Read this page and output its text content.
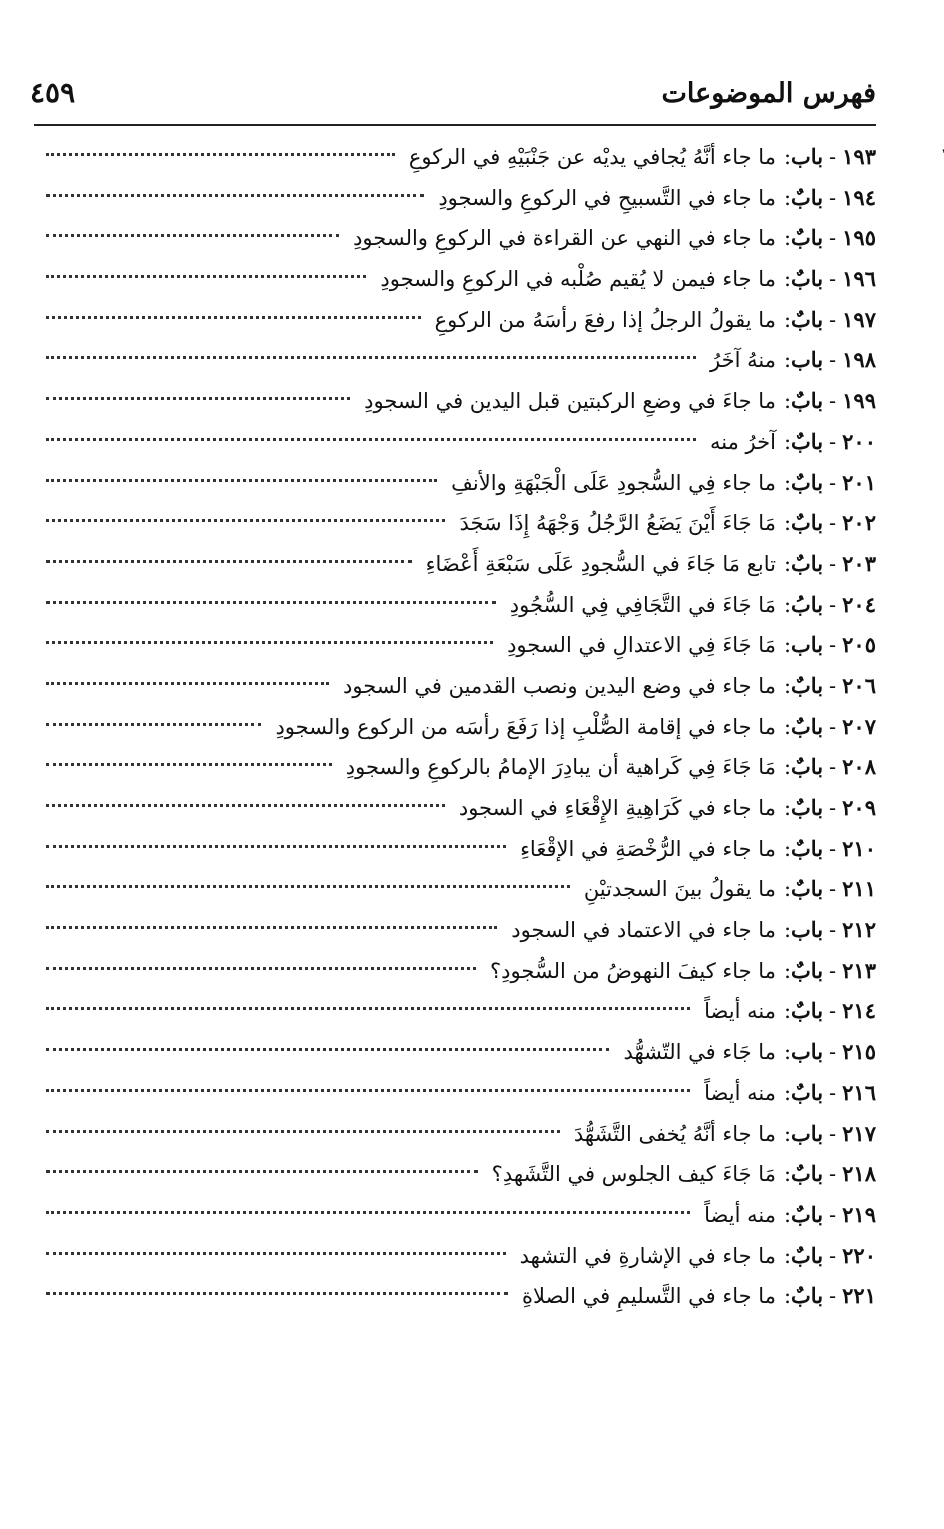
فهرس الموضوعات
٤٥٩
١٩٣
-
باب
:
ما جاء أنَّهُ يُجافي يديْه عن جَنْبَيْهِ في الركوعِ
١٩٤
-
بابٌ
:
ما جاء في التَّسبيحِ في الركوعِ والسجودِ
١٩٥
-
بابٌ
:
ما جاء في النهي عن القراءة في الركوعِ والسجودِ
١٩٦
-
بابٌ
:
ما جاء فيمن لا يُقيم صُلْبه في الركوعِ والسجودِ
١٩٧
-
بابٌ
:
ما يقولُ الرجلُ إذا رفعَ رأسَهُ من الركوعِ
١٩٨
-
باب
:
منهُ آخَرُ
١٩٩
-
بابٌ
:
ما جاءَ في وضعِ الركبتين قبل اليدين في السجودِ
٢٠٠
-
بابٌ
:
آخرُ منه
٢٠١
-
بابٌ
:
ما جاء فِي السُّجودِ عَلَى الْجَبْهَةِ والأنفِ
٢٠٢
-
بابٌ
:
مَا جَاءَ أَيْنَ يَضَعُ الرَّجُلُ وَجْهَهُ إِذَا سَجَدَ
٢٠٣
-
بابٌ
:
تابع مَا جَاءَ في السُّجودِ عَلَى سَبْعَةِ أَعْضَاءِ
٢٠٤
-
بابُ
:
مَا جَاءَ في التَّجَافِي فِي السُّجُودِ
٢٠٥
-
باب
:
مَا جَاءَ فِي الاعتدالِ في السجودِ
٢٠٦
-
بابٌ
:
ما جاء في وضع اليدين ونصب القدمين في السجود
٢٠٧
-
بابٌ
:
ما جاء في إقامة الصُّلْبِ إذا رَفَعَ رأسَه من الركوع والسجودِ
٢٠٨
-
بابٌ
:
مَا جَاءَ فِي كَراهية أن يبادِرَ الإمامُ بالركوعِ والسجودِ
٢٠٩
-
بابٌ
:
ما جاء في كَرَاهِيةِ الإِقْعَاءِ في السجود
٢١٠
-
بابٌ
:
ما جاء في الرُّخْصَةِ في الإقْعَاءِ
٢١١
-
بابٌ
:
ما يقولُ بينَ السجدتيْنِ
٢١٢
-
باب
:
ما جاء في الاعتماد في السجود
٢١٣
-
بابٌ
:
ما جاء كيفَ النهوضُ من السُّجودِ؟
٢١٤
-
بابٌ
:
منه أيضاً
٢١٥
-
باب
:
ما جَاء في التّشهُّد
٢١٦
-
بابٌ
:
منه أيضاً
٢١٧
-
باب
:
ما جاء أنَّهُ يُخفى التَّشَهُّدَ
٢١٨
-
بابٌ
:
مَا جَاءَ كيف الجلوس في التَّشَهدِ؟
٢١٩
-
بابٌ
:
منه أيضاً
٢٢٠
-
بابٌ
:
ما جاء في الإشارةِ في التشهد
٢٢١
-
بابٌ
:
ما جاء في التَّسليمِ في الصلاةِ
